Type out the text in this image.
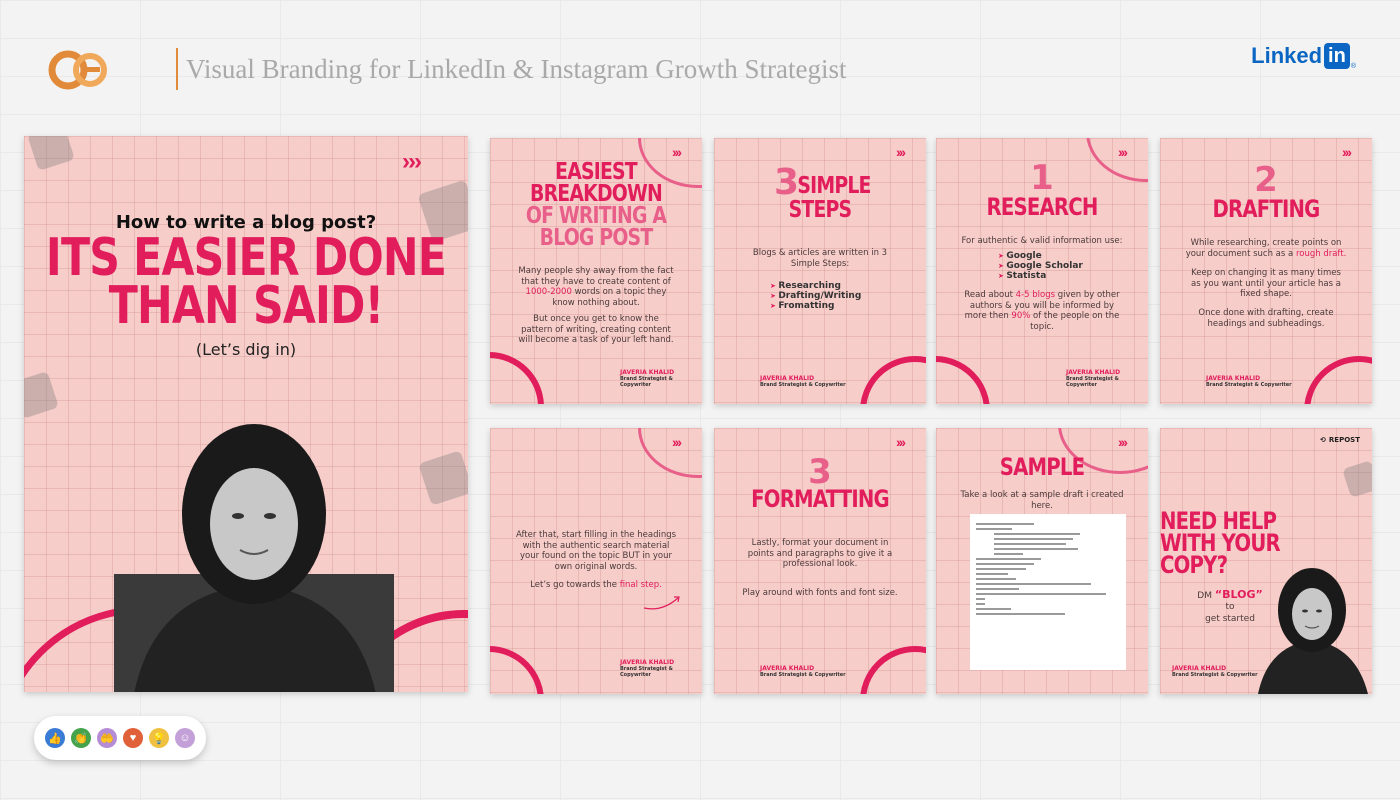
Visual Branding for LinkedIn & Instagram Growth Strategist	Linked in ®
›››
How to write a blog post?
ITS EASIER DONE
THAN SAID!
(Let’s dig in)
›››
EASIEST
BREAKDOWN
OF WRITING A
BLOG POST
Many people shy away from the fact that they have to create content of 1000-2000 words on a topic they know nothing about.
But once you get to know the pattern of writing, creating content will become a task of your left hand.
JAVERIA KHALID
Brand Strategist & Copywriter
›››
3
SIMPLE
STEPS
Blogs & articles are written in 3 Simple Steps:
➤ Researching
➤ Drafting/Writing
➤ Fromatting
JAVERIA KHALID
Brand Strategist & Copywriter
›››
1
RESEARCH
For authentic & valid information use:
➤ Google
➤ Google Scholar
➤ Statista
Read about 4-5 blogs given by other authors & you will be informed by more then 90% of the people on the topic.
JAVERIA KHALID
Brand Strategist & Copywriter
›››
2
DRAFTING
While researching, create points on your document such as a rough draft.
Keep on changing it as many times as you want until your article has a fixed shape.
Once done with drafting, create headings and subheadings.
JAVERIA KHALID
Brand Strategist & Copywriter
›››
After that, start filling in the headings with the authentic search material your found on the topic BUT in your own original words.
Let’s go towards the final step.
JAVERIA KHALID
Brand Strategist & Copywriter
›››
3
FORMATTING
Lastly, format your document in points and paragraphs to give it a professional look.
Play around with fonts and font size.
JAVERIA KHALID
Brand Strategist & Copywriter
›››
SAMPLE
Take a look at a sample draft i created here.
⟲ REPOST
NEED HELP
WITH YOUR
COPY?
DM “BLOG” to
get started
JAVERIA KHALID
Brand Strategist & Copywriter
👍 👏 🤲	♥	💡	☺
